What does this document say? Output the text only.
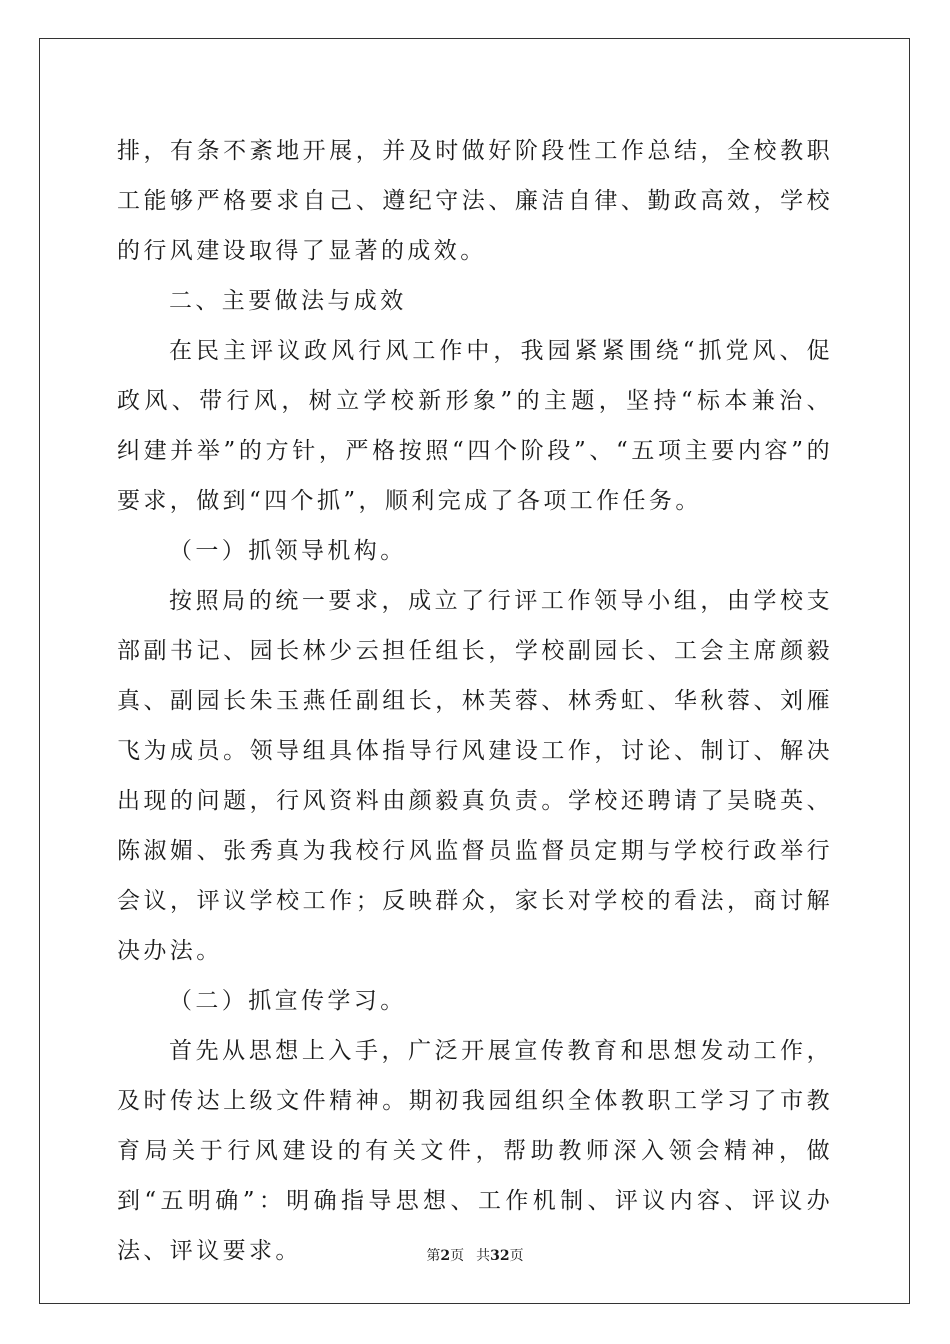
排，有条不紊地开展，并及时做好阶段性工作总结，全校教职工能够严格要求自己、遵纪守法、廉洁自律、勤政高效，学校的行风建设取得了显著的成效。

二、主要做法与成效

在民主评议政风行风工作中，我园紧紧围绕“抓党风、促政风、带行风，树立学校新形象”的主题，坚持“标本兼治、纠建并举”的方针，严格按照“四个阶段”、“五项主要内容”的要求，做到“四个抓”，顺利完成了各项工作任务。

（一）抓领导机构。

按照局的统一要求，成立了行评工作领导小组，由学校支部副书记、园长林少云担任组长，学校副园长、工会主席颜毅真、副园长朱玉燕任副组长，林芙蓉、林秀虹、华秋蓉、刘雁飞为成员。领导组具体指导行风建设工作，讨论、制订、解决出现的问题，行风资料由颜毅真负责。学校还聘请了吴晓英、陈淑媚、张秀真为我校行风监督员监督员定期与学校行政举行会议，评议学校工作；反映群众，家长对学校的看法，商讨解决办法。

（二）抓宣传学习。

首先从思想上入手，广泛开展宣传教育和思想发动工作，及时传达上级文件精神。期初我园组织全体教职工学习了市教育局关于行风建设的有关文件，帮助教师深入领会精神，做到“五明确”：明确指导思想、工作机制、评议内容、评议办法、评议要求。	第2页 共32页
